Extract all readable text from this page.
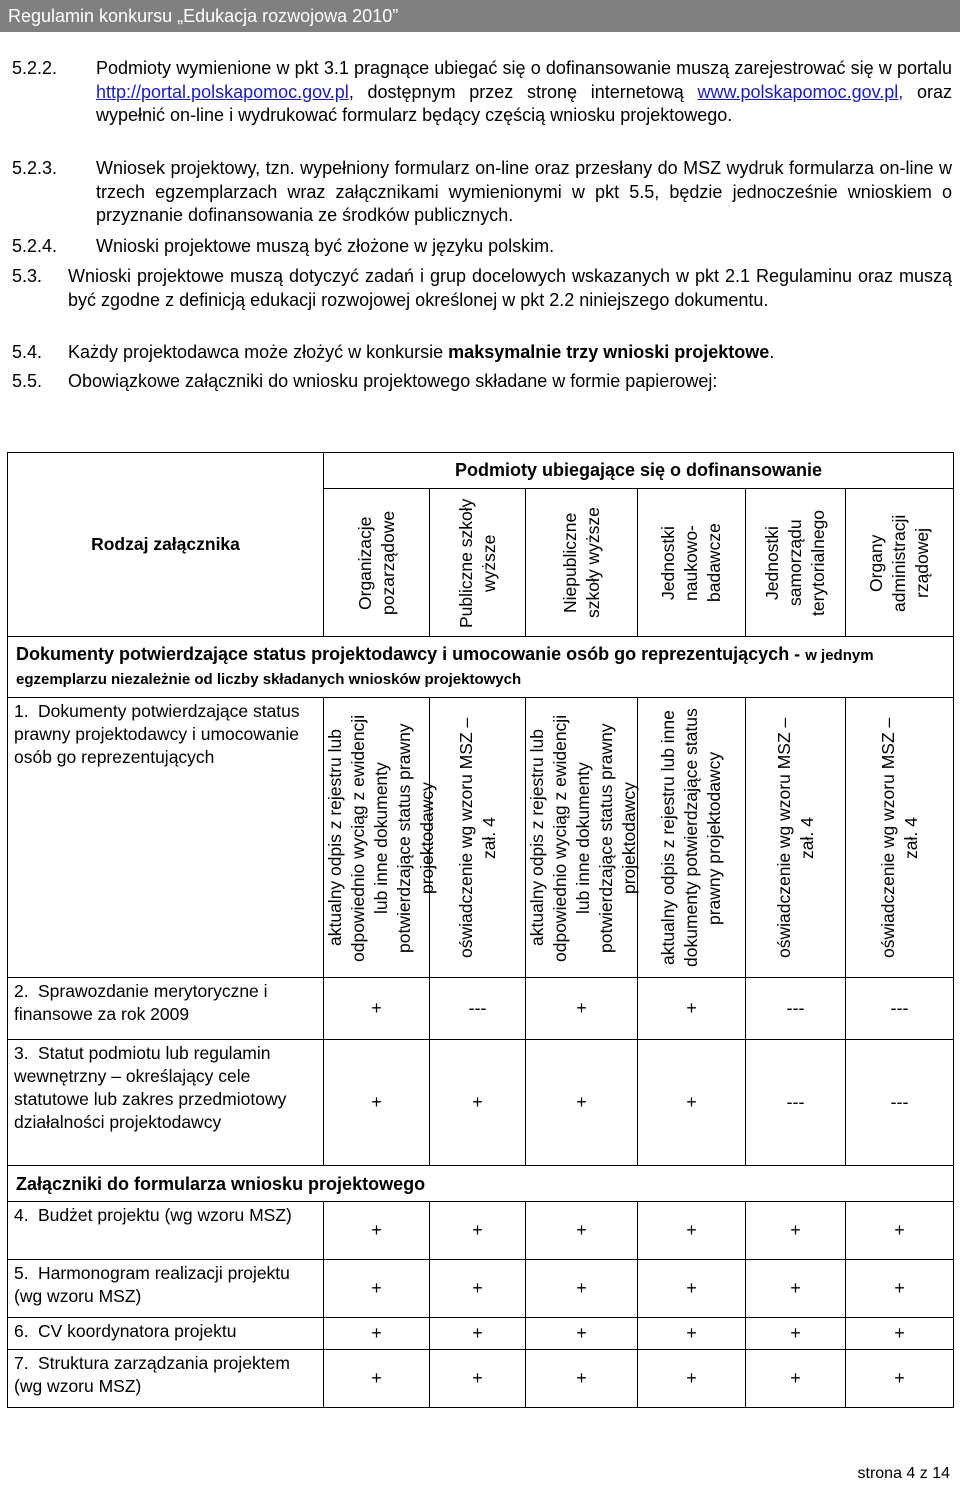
Regulamin konkursu „Edukacja rozwojowa 2010”
5.2.2. Podmioty wymienione w pkt 3.1 pragnące ubiegać się o dofinansowanie muszą zarejestrować się w portalu http://portal.polskapomoc.gov.pl, dostępnym przez stronę internetową www.polskapomoc.gov.pl, oraz wypełnić on-line i wydrukować formularz będący częścią wniosku projektowego.
5.2.3. Wniosek projektowy, tzn. wypełniony formularz on-line oraz przesłany do MSZ wydruk formularza on-line w trzech egzemplarzach wraz załącznikami wymienionymi w pkt 5.5, będzie jednocześnie wnioskiem o przyznanie dofinansowania ze środków publicznych.
5.2.4. Wnioski projektowe muszą być złożone w języku polskim.
5.3. Wnioski projektowe muszą dotyczyć zadań i grup docelowych wskazanych w pkt 2.1 Regulaminu oraz muszą być zgodne z definicją edukacji rozwojowej określonej w pkt 2.2 niniejszego dokumentu.
5.4. Każdy projektodawca może złożyć w konkursie maksymalnie trzy wnioski projektowe.
5.5. Obowiązkowe załączniki do wniosku projektowego składane w formie papierowej:
Rodzaj załącznika	Podmioty ubiegające się o dofinansowanie					

	Organizacje pozarządowe	Publiczne szkoły wyższe	Niepubliczne szkoły wyższe	Jednostki naukowo-badawcze	Jednostki samorządu terytorialnego	Organy administracji rządowej

Dokumenty potwierdzające status projektodawcy i umocowanie osób go reprezentujących - w jednym egzemplarzu niezależnie od liczby składanych wniosków projektowych						
1. Dokumenty potwierdzające status prawny projektodawcy i umocowanie osób go reprezentujących	aktualny odpis z rejestru lub odpowiednio wyciąg z ewidencji lub inne dokumenty potwierdzające status prawny projektodawcy	oświadczenie wg wzoru MSZ – zał. 4	aktualny odpis z rejestru lub odpowiednio wyciąg z ewidencji lub inne dokumenty potwierdzające status prawny projektodawcy	aktualny odpis z rejestru lub inne dokumenty potwierdzające status prawny projektodawcy	oświadczenie wg wzoru MSZ – zał. 4	oświadczenie wg wzoru MSZ – zał. 4

2. Sprawozdanie merytoryczne i finansowe za rok 2009	+	---	+	+	---	---
3. Statut podmiotu lub regulamin wewnętrzny – określający cele statutowe lub zakres przedmiotowy działalności projektodawcy	+	+	+	+	---	---
Załączniki do formularza wniosku projektowego						
4. Budżet projektu (wg wzoru MSZ)	+	+	+	+	+	+
5. Harmonogram realizacji projektu (wg wzoru MSZ)	+	+	+	+	+	+
6. CV koordynatora projektu	+	+	+	+	+	+
7. Struktura zarządzania projektem (wg wzoru MSZ)	+	+	+	+	+	+
strona 4 z 14
